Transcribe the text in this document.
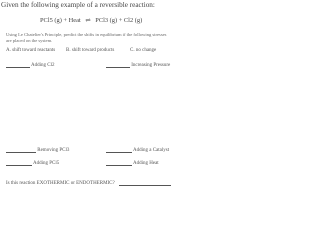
Given the following example of a reversible reaction:
PCl5 (g) + Heat ⇌ PCl3 (g) + Cl2 (g)
Using Le Chatelier's Principle, predict the shifts in equilibrium if the following stresses
are placed on the system.
A. shift toward reactants B. shift toward products	C. no change
Adding Cl2	Increasing Pressure
Removing PCl3	Adding a Catalyst
Adding PCl5	Adding Heat
Is this reaction EXOTHERMIC or ENDOTHERMIC?
